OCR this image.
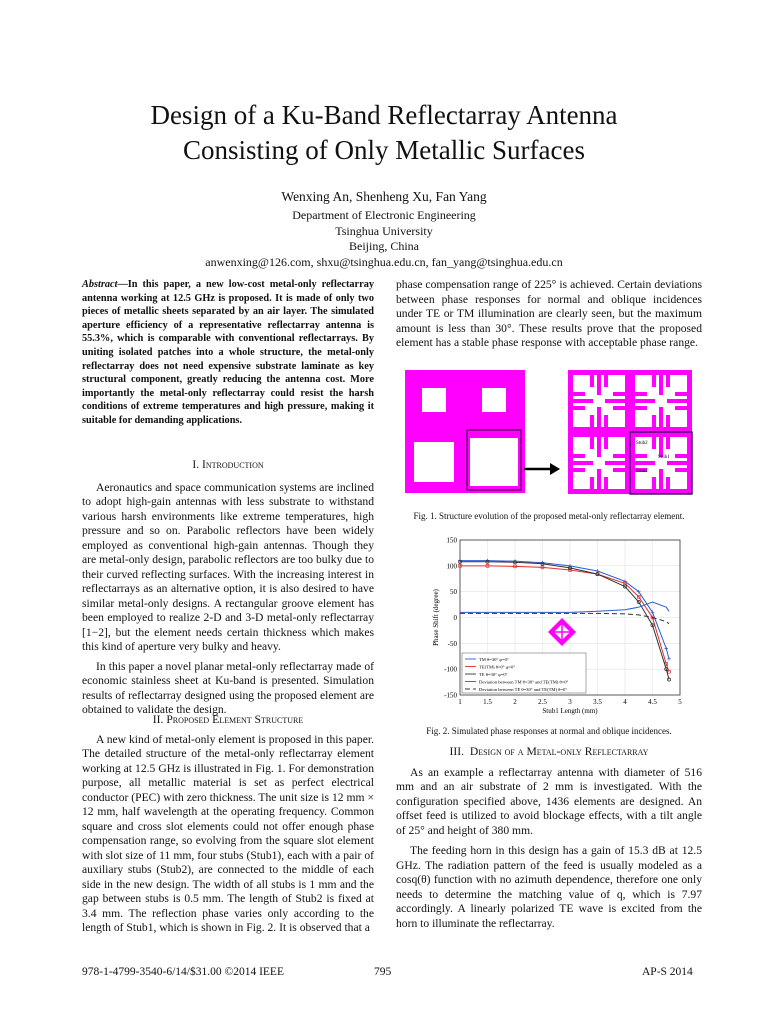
Design of a Ku-Band Reflectarray Antenna
Consisting of Only Metallic Surfaces
Wenxing An, Shenheng Xu, Fan Yang
Department of Electronic Engineering
Tsinghua University
Beijing, China
anwenxing@126.com, shxu@tsinghua.edu.cn, fan_yang@tsinghua.edu.cn
Abstract—In this paper, a new low-cost metal-only reflectarray antenna working at 12.5 GHz is proposed. It is made of only two pieces of metallic sheets separated by an air layer. The simulated aperture efficiency of a representative reflectarray antenna is 55.3%, which is comparable with conventional reflectarrays. By uniting isolated patches into a whole structure, the metal-only reflectarray does not need expensive substrate laminate as key structural component, greatly reducing the antenna cost. More importantly the metal-only reflectarray could resist the harsh conditions of extreme temperatures and high pressure, making it suitable for demanding applications.
I. Introduction

Aeronautics and space communication systems are inclined to adopt high-gain antennas with less substrate to withstand various harsh environments like extreme temperatures, high pressure and so on. Parabolic reflectors have been widely employed as conventional high-gain antennas. Though they are metal-only design, parabolic reflectors are too bulky due to their curved reflecting surfaces. With the increasing interest in reflectarrays as an alternative option, it is also desired to have similar metal-only designs. A rectangular groove element has been employed to realize 2-D and 3-D metal-only reflectarray [1−2], but the element needs certain thickness which makes this kind of aperture very bulky and heavy.

In this paper a novel planar metal-only reflectarray made of economic stainless sheet at Ku-band is presented. Simulation results of reflectarray designed using the proposed element are obtained to validate the design.

II. Proposed Element Structure

A new kind of metal-only element is proposed in this paper. The detailed structure of the metal-only reflectarray element working at 12.5 GHz is illustrated in Fig. 1. For demonstration purpose, all metallic material is set as perfect electrical conductor (PEC) with zero thickness. The unit size is 12 mm × 12 mm, half wavelength at the operating frequency. Common square and cross slot elements could not offer enough phase compensation range, so evolving from the square slot element with slot size of 11 mm, four stubs (Stub1), each with a pair of auxiliary stubs (Stub2), are connected to the middle of each side in the new design. The width of all stubs is 1 mm and the gap between stubs is 0.5 mm. The length of Stub2 is fixed at 3.4 mm. The reflection phase varies only according to the length of Stub1, which is shown in Fig. 2. It is observed that a

phase compensation range of 225° is achieved. Certain deviations between phase responses for normal and oblique incidences under TE or TM illumination are clearly seen, but the maximum amount is less than 30°. These results prove that the proposed element has a stable phase response with acceptable phase range.

Stub2
Stub1
Stub2
Fig. 1. Structure evolution of the proposed metal-only reflectarray element.
1	1.5	2	2.5	3	3.5	4	4.5	5
150
100
50
0
-50
-100
-150
Stub1 Length (mm)
Phase Shift (degree)
TM θ=30° φ=0°
TE(TM) θ=0° φ=0°
TE θ=30° φ=0°
Deviation between TM θ=30° and TE(TM) θ=0°
Deviation between TE θ=30° and TE(TM) θ=0°
Fig. 2. Simulated phase responses at normal and oblique incidences.
III. Design of a Metal-only Reflectarray

As an example a reflectarray antenna with diameter of 516 mm and an air substrate of 2 mm is investigated. With the configuration specified above, 1436 elements are designed. An offset feed is utilized to avoid blockage effects, with a tilt angle of 25° and height of 380 mm.

The feeding horn in this design has a gain of 15.3 dB at 12.5 GHz. The radiation pattern of the feed is usually modeled as a cosq(θ) function with no azimuth dependence, therefore one only needs to determine the matching value of q, which is 7.97 accordingly. A linearly polarized TE wave is excited from the horn to illuminate the reflectarray.

978-1-4799-3540-6/14/$31.00 ©2014 IEEE	795	AP-S 2014
